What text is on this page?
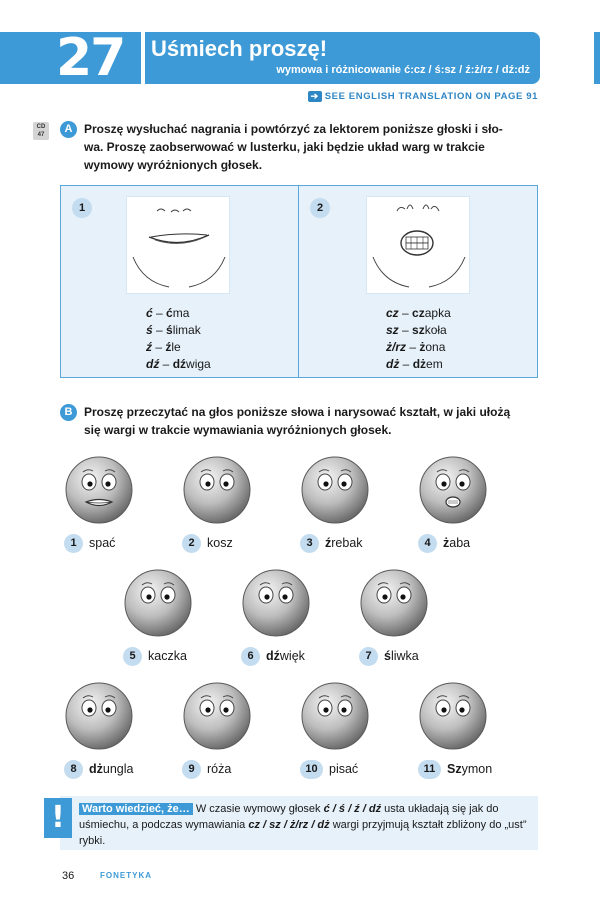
27 Uśmiech proszę!
wymowa i różnicowanie ć:cz / ś:sz / ź:ż/rz / dź:dż
➔ SEE ENGLISH TRANSLATION ON PAGE 91
CD
47	A Proszę wysłuchać nagrania i powtórzyć za lektorem poniższe głoski i sło-
wa. Proszę zaobserwować w lusterku, jaki będzie układ warg w trakcie
wymowy wyróżnionych głosek.
1
ć – ćma
ś – ślimak
ź – źle
dź – dźwiga
2
cz – czapka
sz – szkoła
ż/rz – żona
dż – dżem
B Proszę przeczytać na głos poniższe słowa i narysować kształt, w jaki ułożą
się wargi w trakcie wymawiania wyróżnionych głosek.
1 spać	2 kosz	3 źrebak	4 żaba
5 kaczka	6 dźwięk	7 śliwka
8 dżungla	9 róża	10 pisać	11 Szymon
!	Warto wiedzieć, że… W czasie wymowy głosek ć / ś / ź / dź usta układają się jak do uśmiechu, a podczas wymawiania cz / sz / ż/rz / dż wargi przyjmują kształt zbliżony do „ust” rybki.
36	FONETYKA
